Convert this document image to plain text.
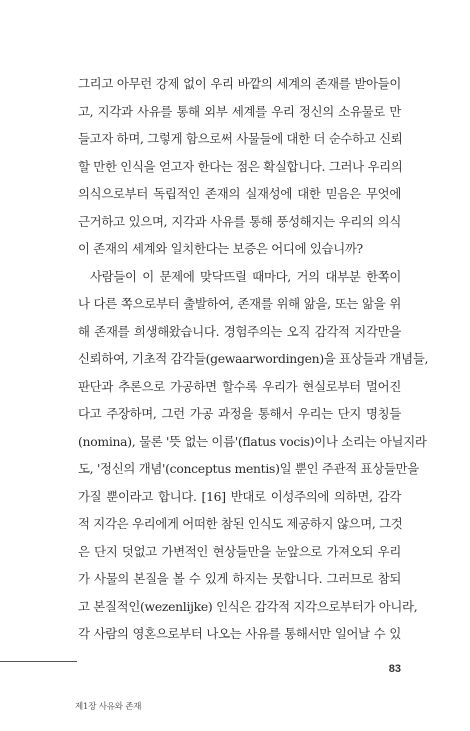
그리고 아무런 강제 없이 우리 바깥의 세계의 존재를 받아들이
고, 지각과 사유를 통해 외부 세계를 우리 정신의 소유물로 만
들고자 하며, 그렇게 함으로써 사물들에 대한 더 순수하고 신뢰
할 만한 인식을 얻고자 한다는 점은 확실합니다. 그러나 우리의
의식으로부터 독립적인 존재의 실재성에 대한 믿음은 무엇에
근거하고 있으며, 지각과 사유를 통해 풍성해지는 우리의 의식
이 존재의 세계와 일치한다는 보증은 어디에 있습니까?
사람들이 이 문제에 맞닥뜨릴 때마다, 거의 대부분 한쪽이
나 다른 쪽으로부터 출발하여, 존재를 위해 앎을, 또는 앎을 위
해 존재를 희생해왔습니다. 경험주의는 오직 감각적 지각만을
신뢰하여, 기초적 감각들(gewaarwordingen)을 표상들과 개념들,
판단과 추론으로 가공하면 할수록 우리가 현실로부터 멀어진
다고 주장하며, 그런 가공 과정을 통해서 우리는 단지 명칭들
(nomina), 물론 '뜻 없는 이름'(flatus vocis)이나 소리는 아닐지라
도, '정신의 개념'(conceptus mentis)일 뿐인 주관적 표상들만을
가질 뿐이라고 합니다. [16] 반대로 이성주의에 의하면, 감각
적 지각은 우리에게 어떠한 참된 인식도 제공하지 않으며, 그것
은 단지 덧없고 가변적인 현상들만을 눈앞으로 가져오되 우리
가 사물의 본질을 볼 수 있게 하지는 못합니다. 그러므로 참되
고 본질적인(wezenlijke) 인식은 감각적 지각으로부터가 아니라,
각 사람의 영혼으로부터 나오는 사유를 통해서만 일어날 수 있
83
제1장 사유와 존재
